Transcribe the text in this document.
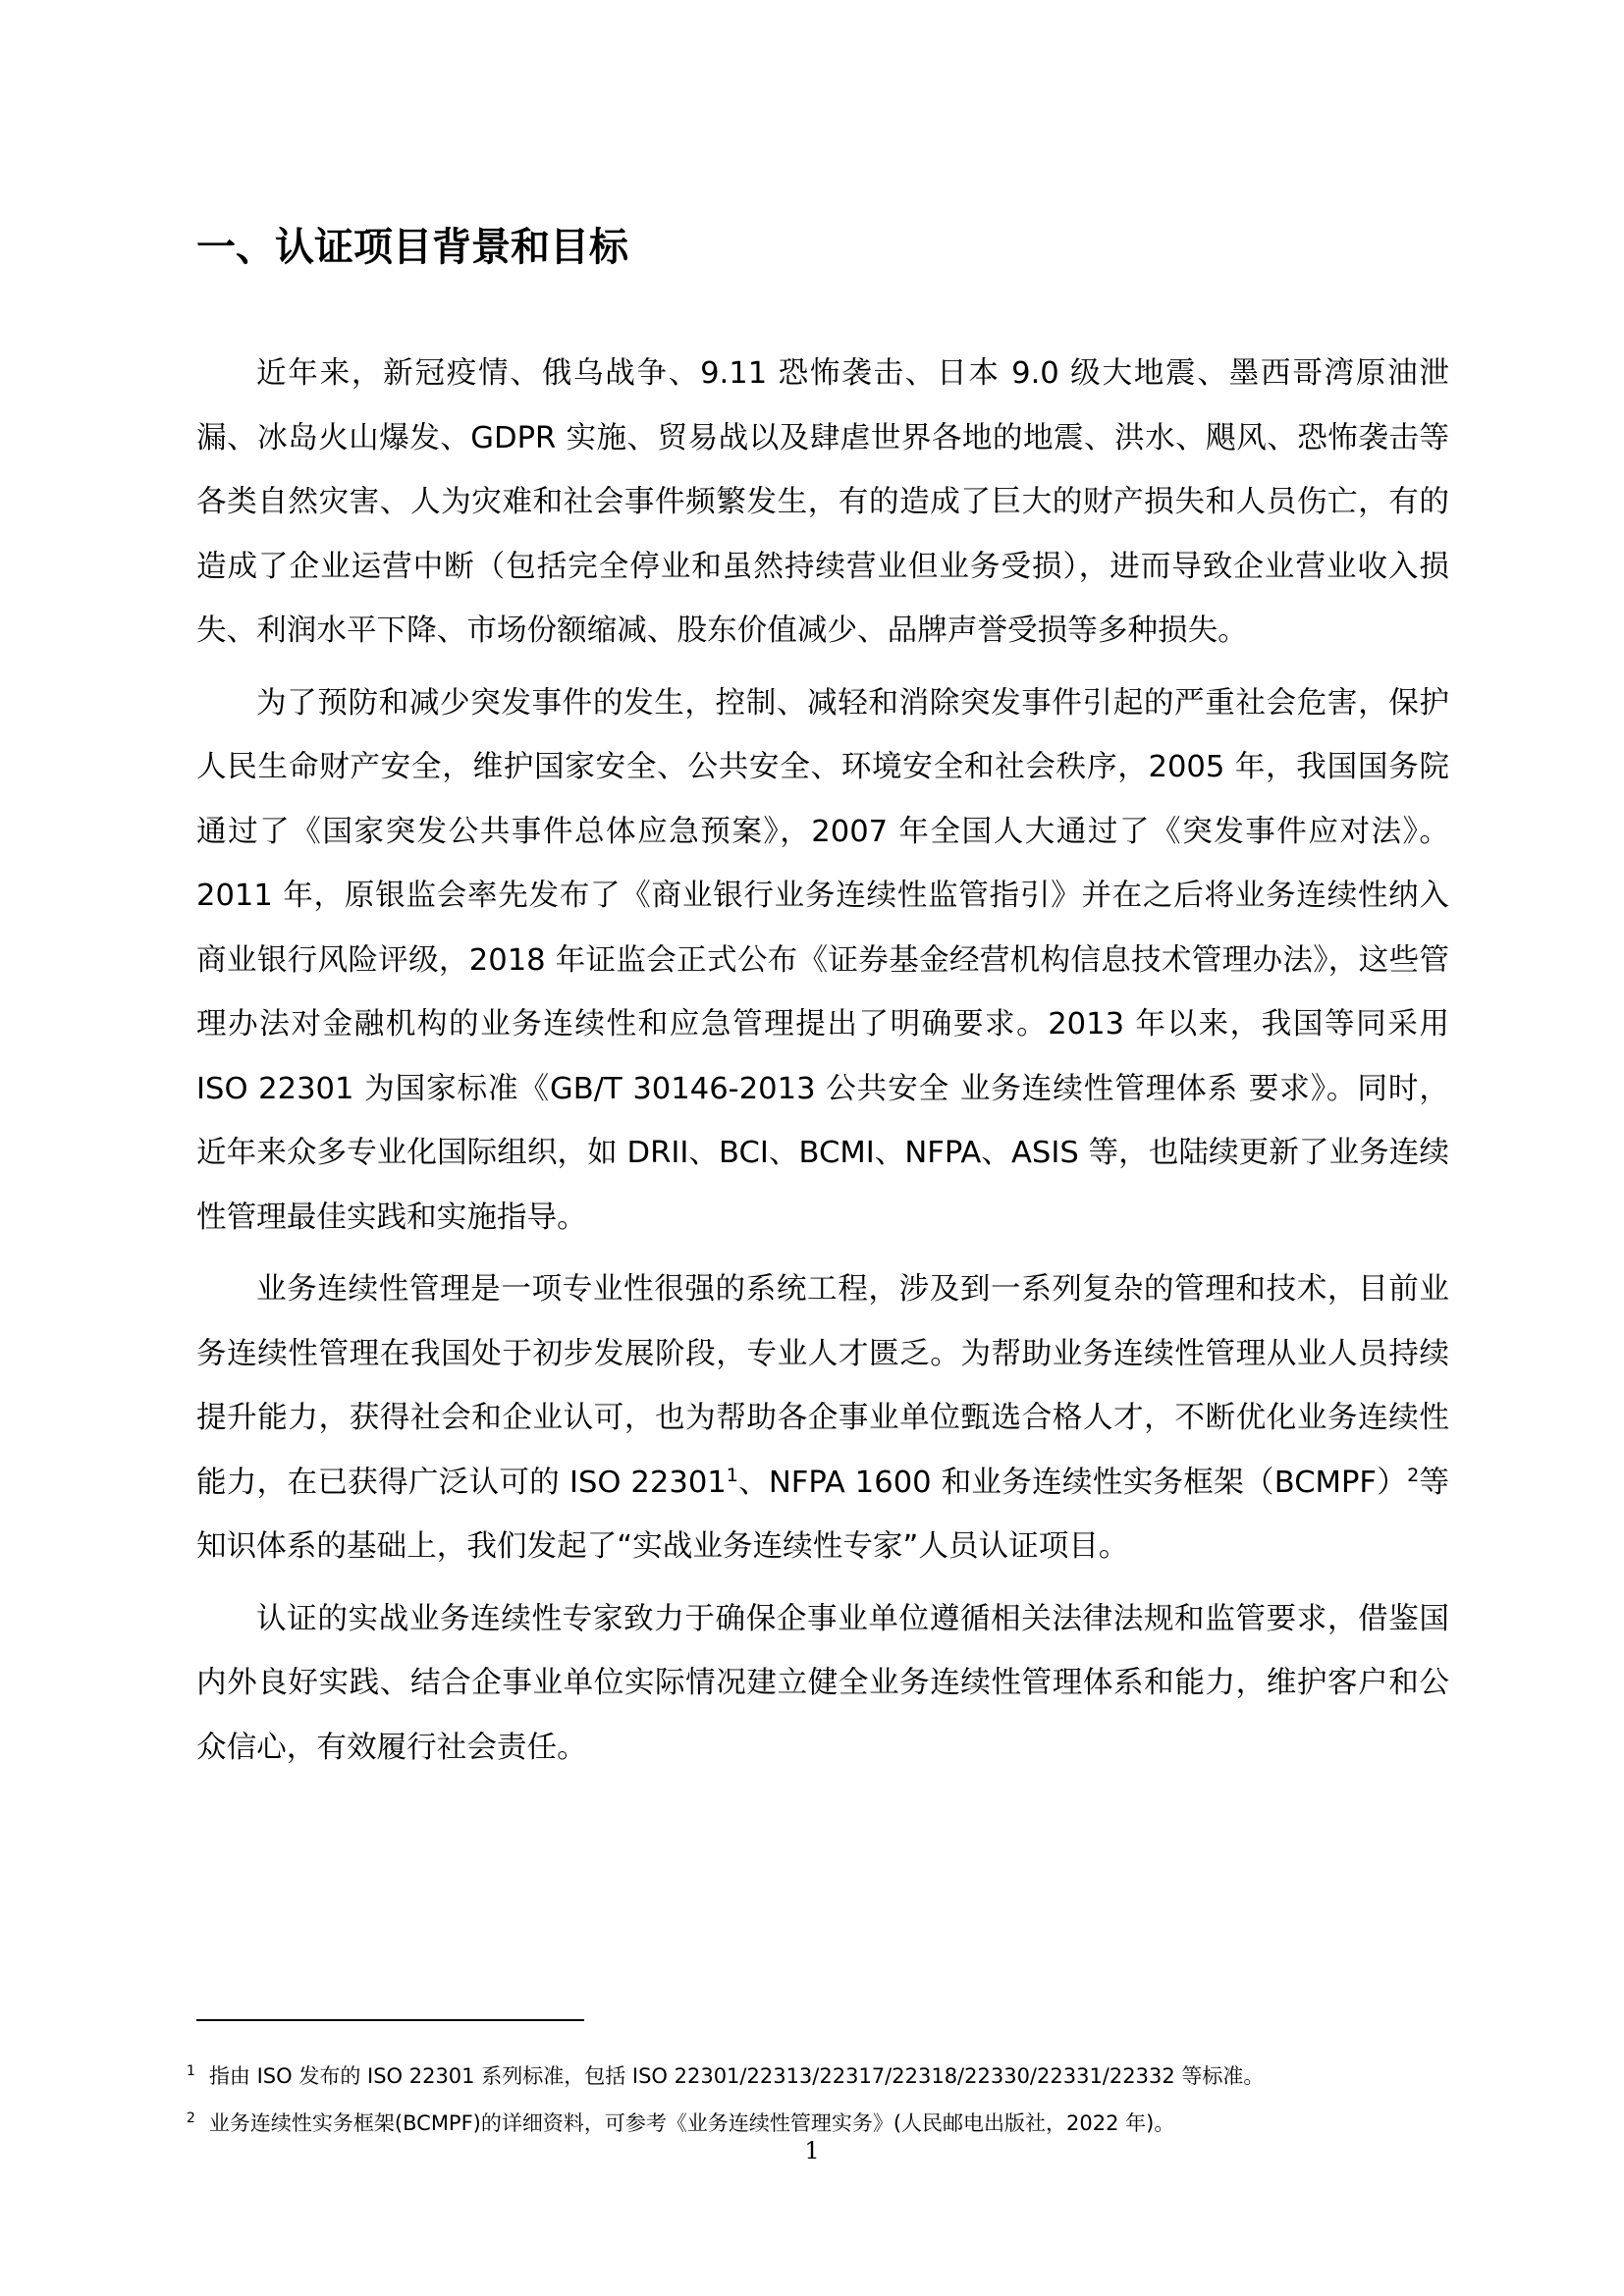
一、认证项目背景和目标

近年来，新冠疫情、俄乌战争、9.11 恐怖袭击、日本 9.0 级大地震、墨西哥湾原油泄漏、冰岛火山爆发、GDPR 实施、贸易战以及肆虐世界各地的地震、洪水、飓风、恐怖袭击等各类自然灾害、人为灾难和社会事件频繁发生，有的造成了巨大的财产损失和人员伤亡，有的造成了企业运营中断（包括完全停业和虽然持续营业但业务受损），进而导致企业营业收入损失、利润水平下降、市场份额缩减、股东价值减少、品牌声誉受损等多种损失。

为了预防和减少突发事件的发生，控制、减轻和消除突发事件引起的严重社会危害，保护人民生命财产安全，维护国家安全、公共安全、环境安全和社会秩序，2005 年，我国国务院通过了《国家突发公共事件总体应急预案》，2007 年全国人大通过了《突发事件应对法》。2011 年，原银监会率先发布了《商业银行业务连续性监管指引》并在之后将业务连续性纳入商业银行风险评级，2018 年证监会正式公布《证券基金经营机构信息技术管理办法》，这些管理办法对金融机构的业务连续性和应急管理提出了明确要求。2013 年以来，我国等同采用 ISO 22301 为国家标准《GB/T 30146-2013 公共安全 业务连续性管理体系 要求》。同时，近年来众多专业化国际组织，如 DRII、BCI、BCMI、NFPA、ASIS 等，也陆续更新了业务连续性管理最佳实践和实施指导。

业务连续性管理是一项专业性很强的系统工程，涉及到一系列复杂的管理和技术，目前业务连续性管理在我国处于初步发展阶段，专业人才匮乏。为帮助业务连续性管理从业人员持续提升能力，获得社会和企业认可，也为帮助各企事业单位甄选合格人才，不断优化业务连续性能力，在已获得广泛认可的 ISO 22301$^1$、NFPA 1600 和业务连续性实务框架（BCMPF）$^2$等知识体系的基础上，我们发起了“实战业务连续性专家”人员认证项目。

认证的实战业务连续性专家致力于确保企事业单位遵循相关法律法规和监管要求，借鉴国内外良好实践、结合企事业单位实际情况建立健全业务连续性管理体系和能力，维护客户和公众信心，有效履行社会责任。

$^1$ 指由 ISO 发布的 ISO 22301 系列标准，包括 ISO 22301/22313/22317/22318/22330/22331/22332 等标准。

$^2$ 业务连续性实务框架(BCMPF)的详细资料，可参考《业务连续性管理实务》(人民邮电出版社，2022 年)。

1
